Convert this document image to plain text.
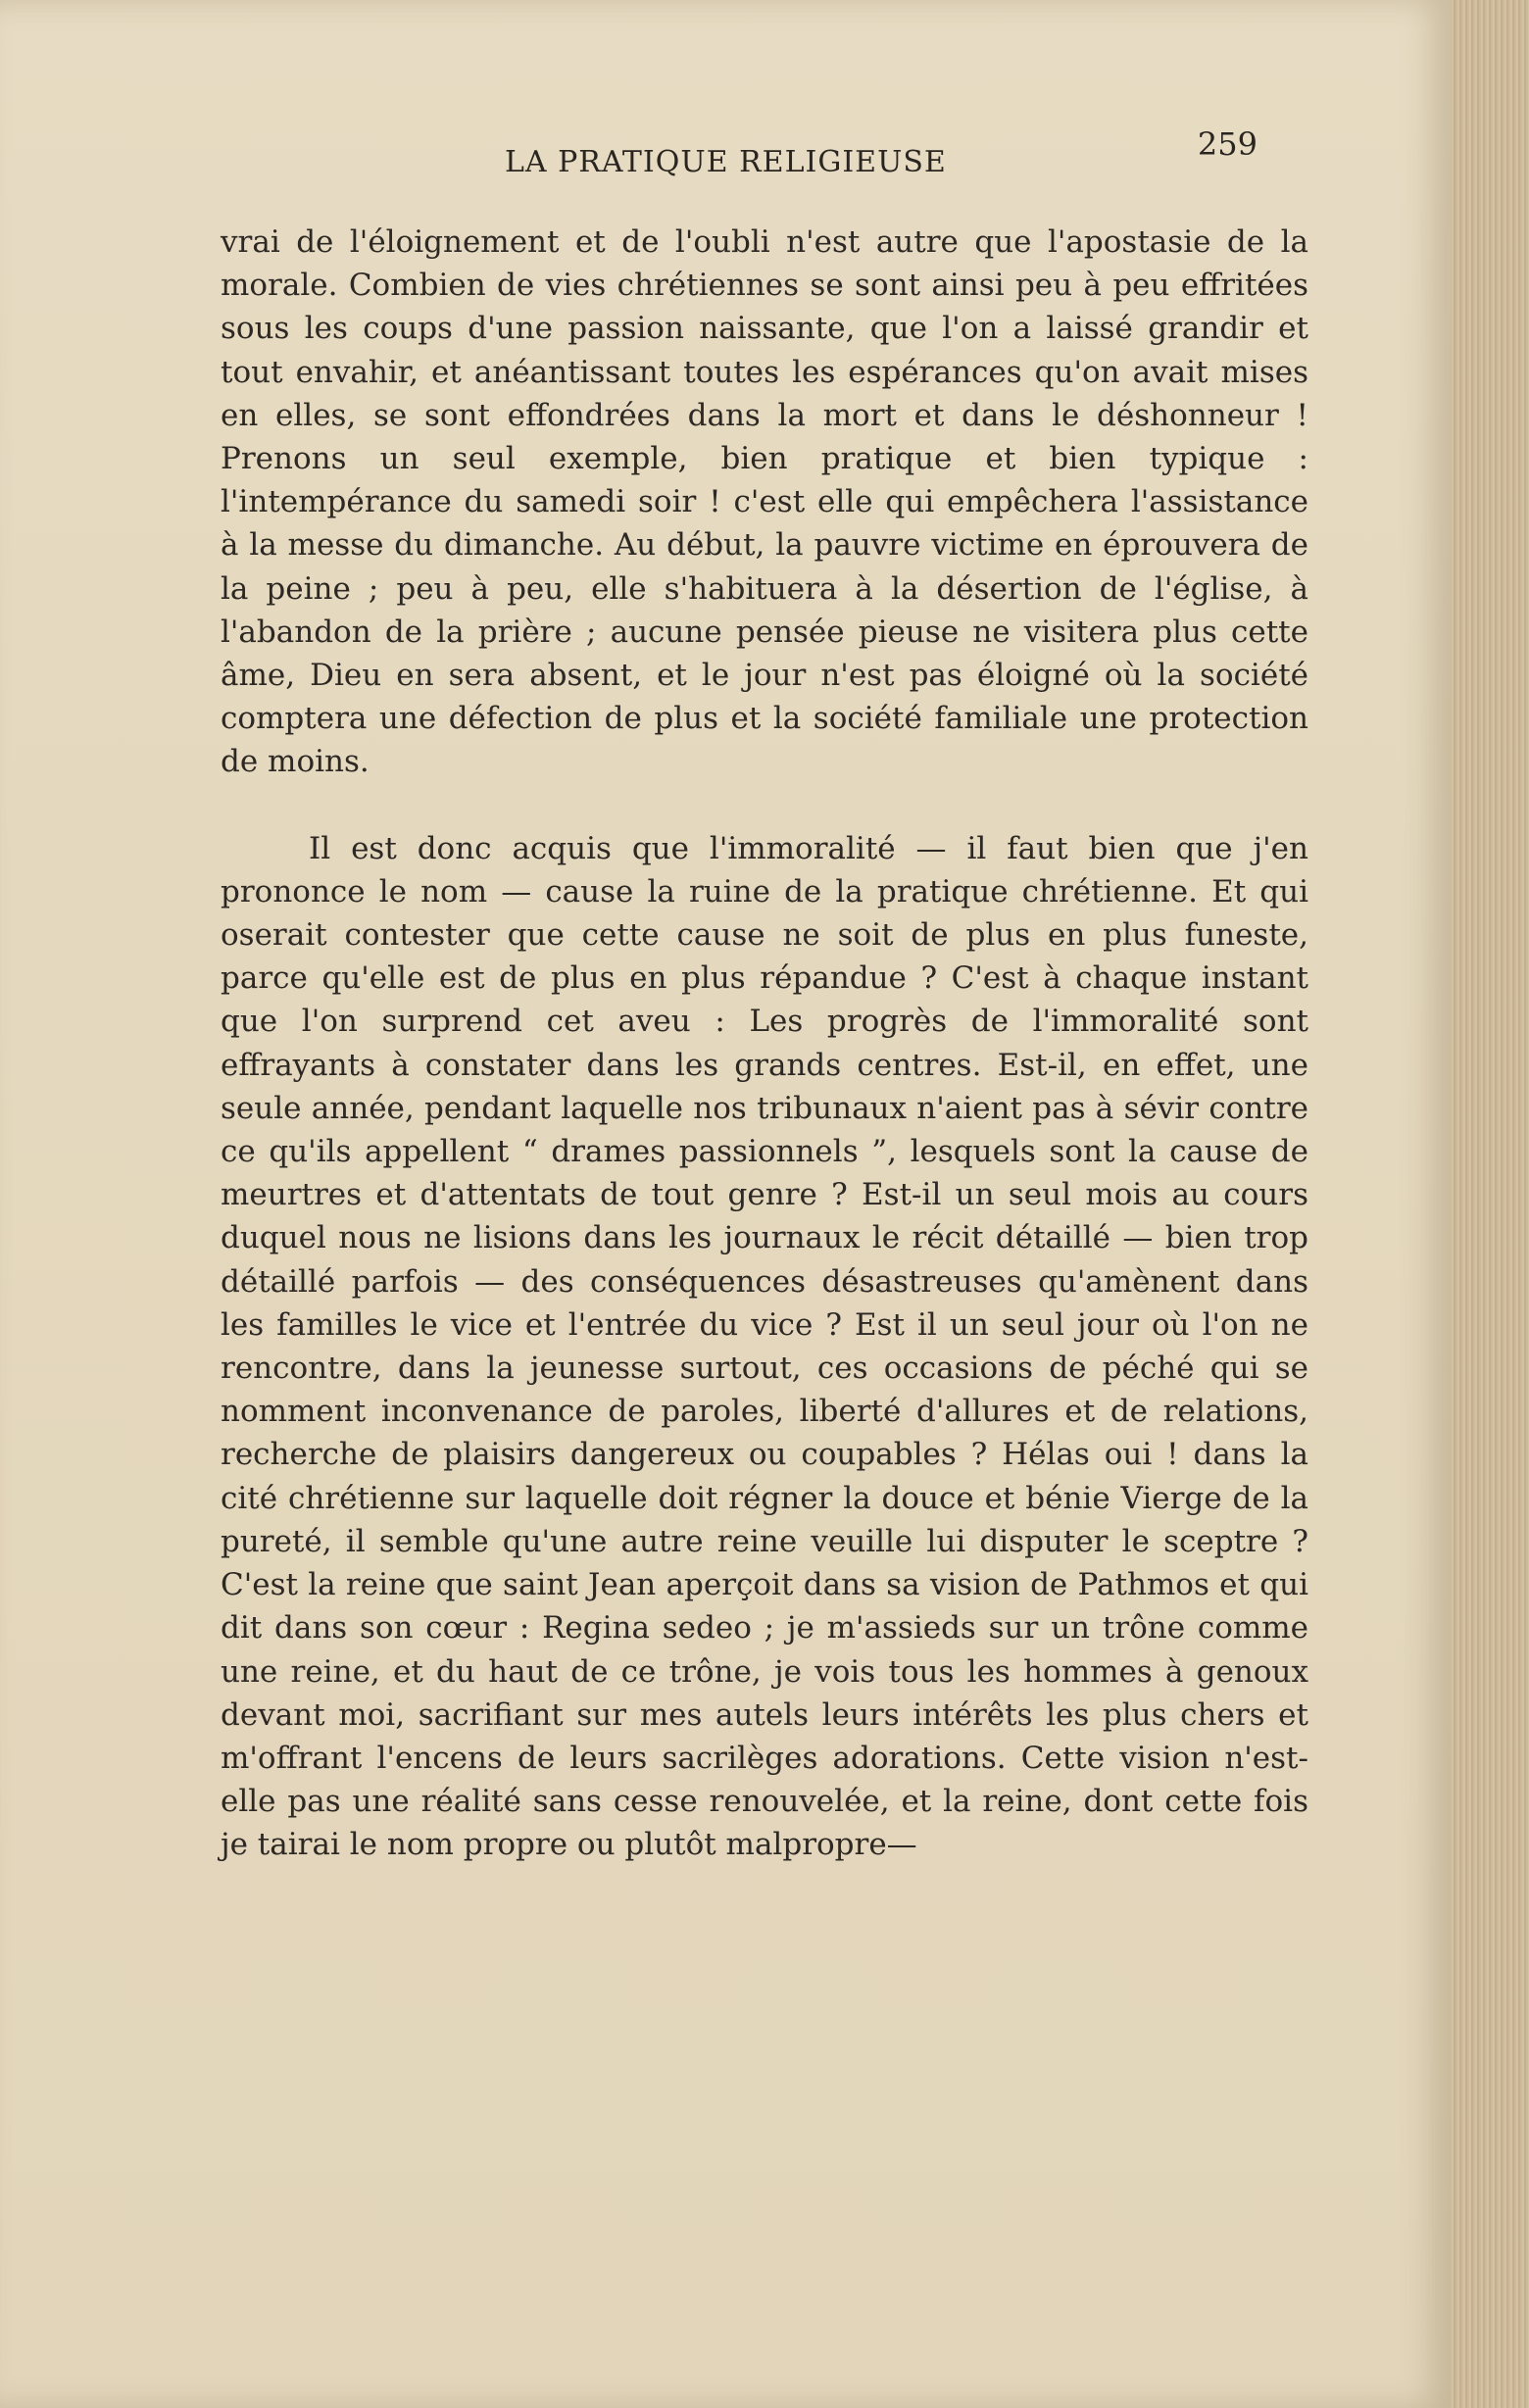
LA PRATIQUE RELIGIEUSE	259

vrai de l'éloignement et de l'oubli n'est autre que l'apostasie de la morale. Combien de vies chrétiennes se sont ainsi peu à peu effritées sous les coups d'une passion naissante, que l'on a laissé grandir et tout envahir, et anéantissant toutes les espérances qu'on avait mises en elles, se sont effondrées dans la mort et dans le déshonneur ! Prenons un seul exemple, bien pratique et bien typique : l'intempérance du samedi soir ! c'est elle qui empêchera l'assistance à la messe du dimanche. Au début, la pauvre victime en éprouvera de la peine ; peu à peu, elle s'habituera à la désertion de l'église, à l'abandon de la prière ; aucune pensée pieuse ne visitera plus cette âme, Dieu en sera absent, et le jour n'est pas éloigné où la société comptera une défection de plus et la société familiale une protection de moins.

Il est donc acquis que l'immoralité — il faut bien que j'en prononce le nom — cause la ruine de la pratique chrétienne. Et qui oserait contester que cette cause ne soit de plus en plus funeste, parce qu'elle est de plus en plus répandue ? C'est à chaque instant que l'on surprend cet aveu : Les progrès de l'immoralité sont effrayants à constater dans les grands centres. Est-il, en effet, une seule année, pendant laquelle nos tribunaux n'aient pas à sévir contre ce qu'ils appellent “ drames passionnels ”, lesquels sont la cause de meurtres et d'attentats de tout genre ? Est-il un seul mois au cours duquel nous ne lisions dans les journaux le récit détaillé — bien trop détaillé parfois — des conséquences désastreuses qu'amènent dans les familles le vice et l'entrée du vice ? Est il un seul jour où l'on ne rencontre, dans la jeunesse surtout, ces occasions de péché qui se nomment inconvenance de paroles, liberté d'allures et de relations, recherche de plaisirs dangereux ou coupables ? Hélas oui ! dans la cité chrétienne sur laquelle doit régner la douce et bénie Vierge de la pureté, il semble qu'une autre reine veuille lui disputer le sceptre ? C'est la reine que saint Jean aperçoit dans sa vision de Pathmos et qui dit dans son cœur : Regina sedeo ; je m'assieds sur un trône comme une reine, et du haut de ce trône, je vois tous les hommes à genoux devant moi, sacrifiant sur mes autels leurs intérêts les plus chers et m'offrant l'encens de leurs sacrilèges adorations. Cette vision n'est-elle pas une réalité sans cesse renouvelée, et la reine, dont cette fois je tairai le nom propre ou plutôt malpropre—
